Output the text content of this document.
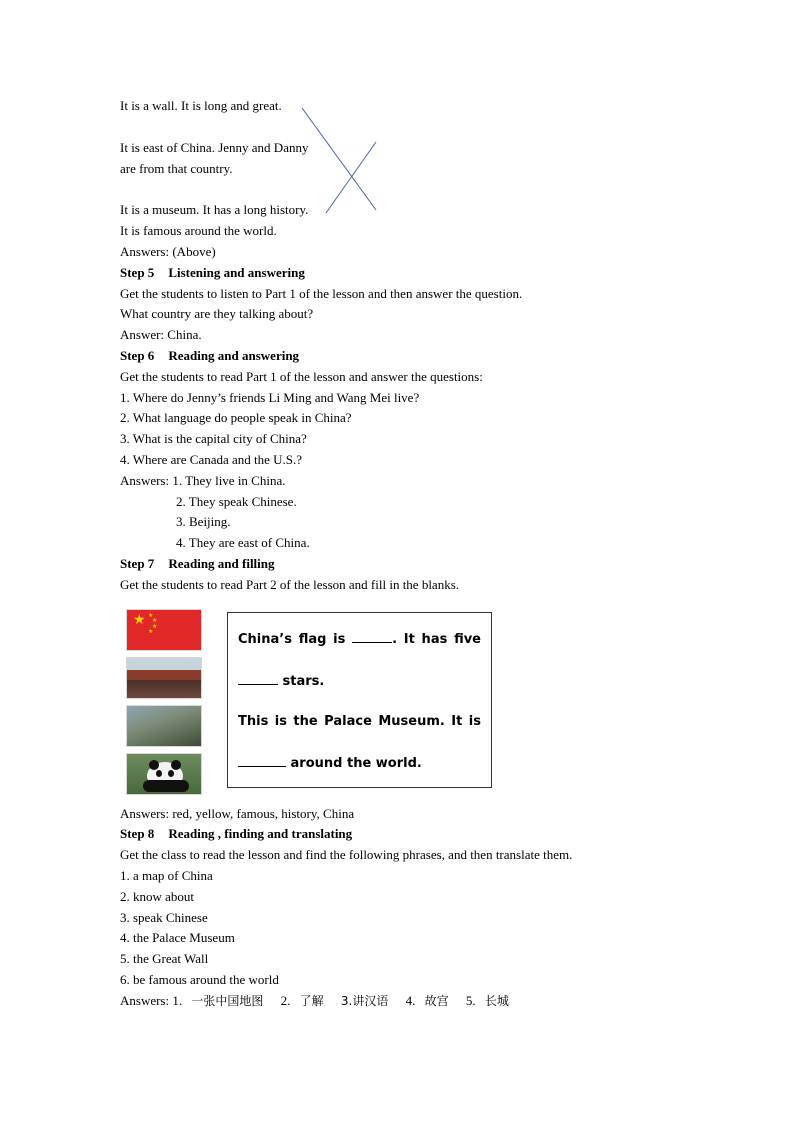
It is a wall. It is long and great.
It is east of China. Jenny and Danny
are from that country.
It is a museum. It has a long history.
It is famous around the world.
Answers: (Above)
Step 5 Listening and answering
Get the students to listen to Part 1 of the lesson and then answer the question.
What country are they talking about?
Answer: China.
Step 6 Reading and answering
Get the students to read Part 1 of the lesson and answer the questions:
1. Where do Jenny’s friends Li Ming and Wang Mei live?
2. What language do people speak in China?
3. What is the capital city of China?
4. Where are Canada and the U.S.?
Answers: 1. They live in China.
2. They speak Chinese.
3. Beijing.
4. They are east of China.
Step 7 Reading and filling
Get the students to read Part 2 of the lesson and fill in the blanks.
★ ★
★
★
★	China’s flag is	. It has five
stars.
This is the Palace Museum. It is
around the world.
Answers: red, yellow, famous, history, China
Step 8 Reading , finding and translating
Get the class to read the lesson and find the following phrases, and then translate them.
1. a map of China
2. know about
3. speak Chinese
4. the Palace Museum
5. the Great Wall
6. be famous around the world
Answers: 1. 一张中国地图 2. 了解 3.讲汉语 4. 故宫 5. 长城
